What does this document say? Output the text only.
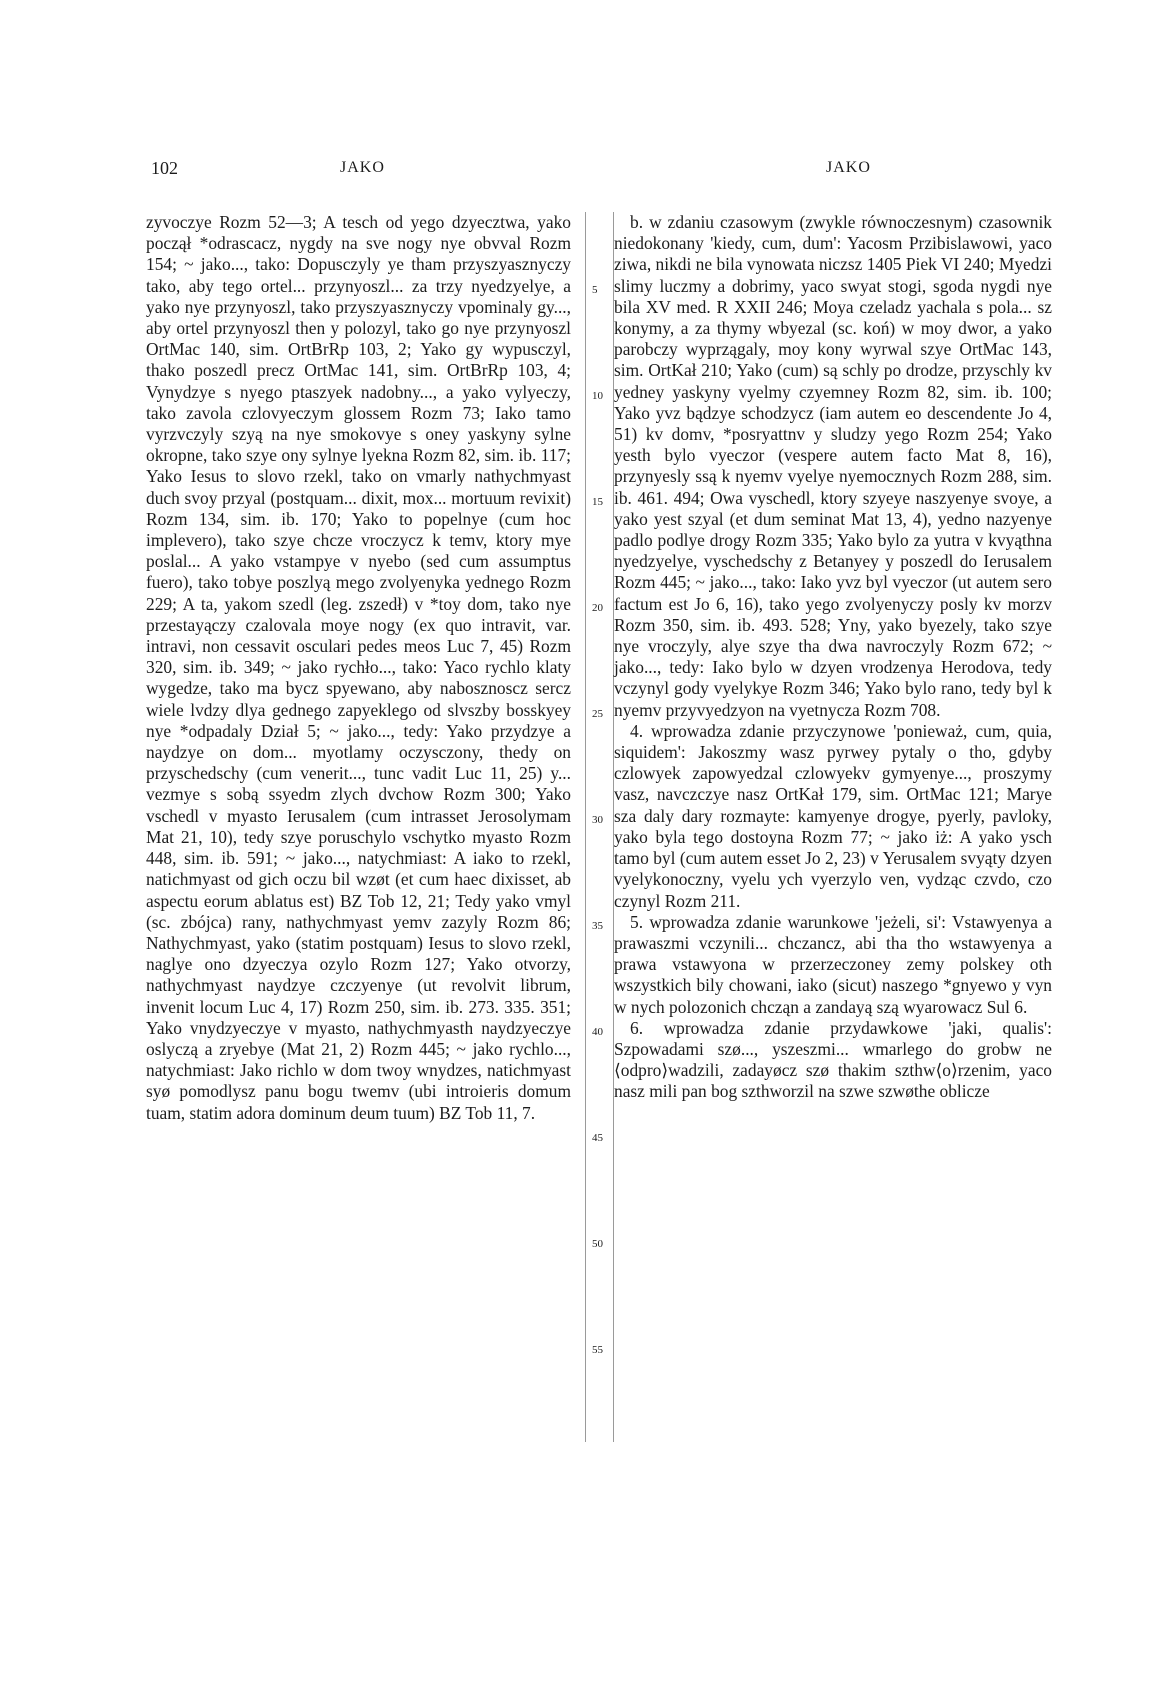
102	JAKO	JAKO
5
10
15
20
25
30
35
40
45
50
55

zyvoczye Rozm 52—3; A tesch od yego dzyecztwa, yako począł *odrascacz, nygdy na sve nogy nye obvval Rozm 154; ~ jako..., tako: Dopusczyly ye tham przyszyasznyczy tako, aby tego ortel... przynyoszl... za trzy nyedzyelye, a yako nye przynyoszl, tako przyszyasznyczy vpominaly gy..., aby ortel przynyoszl then y polozyl, tako go nye przynyoszl OrtMac 140, sim. OrtBrRp 103, 2; Yako gy wypusczyl, thako poszedl precz OrtMac 141, sim. OrtBrRp 103, 4; Vynydzye s nyego ptaszyek nadobny..., a yako vylyeczy, tako zavola czlovyeczym glossem Rozm 73; Iako tamo vyrzvczyly szyą na nye smokovye s oney yaskyny sylne okropne, tako szye ony sylnye lyekna Rozm 82, sim. ib. 117; Yako Iesus to slovo rzekl, tako on vmarly nathychmyast duch svoy przyal (postquam... dixit, mox... mortuum revixit) Rozm 134, sim. ib. 170; Yako to popelnye (cum hoc implevero), tako szye chcze vroczycz k temv, ktory mye poslal... A yako vstampye v nyebo (sed cum assumptus fuero), tako tobye poszlyą mego zvolyenyka yednego Rozm 229; A ta, yakom szedl (leg. zszedł) v *toy dom, tako nye przestayączy czalovala moye nogy (ex quo intravit, var. intravi, non cessavit osculari pedes meos Luc 7, 45) Rozm 320, sim. ib. 349; ~ jako rychło..., tako: Yaco rychlo klaty wygedze, tako ma bycz spyewano, aby nabosznoscz sercz wiele lvdzy dlya gednego zapyeklego od slvszby bosskyey nye *odpadaly Dział 5; ~ jako..., tedy: Yako przydzye a naydzye on dom... myotlamy oczysczony, thedy on przyschedschy (cum venerit..., tunc vadit Luc 11, 25) y... vezmye s sobą ssyedm zlych dvchow Rozm 300; Yako vschedl v myasto Ierusalem (cum intrasset Jerosolymam Mat 21, 10), tedy szye poruschylo vschytko myasto Rozm 448, sim. ib. 591; ~ jako..., natychmiast: A iako to rzekl, natichmyast od gich oczu bil wzøt (et cum haec dixisset, ab aspectu eorum ablatus est) BZ Tob 12, 21; Tedy yako vmyl (sc. zbójca) rany, nathychmyast yemv zazyly Rozm 86; Nathychmyast, yako (statim postquam) Iesus to slovo rzekl, naglye ono dzyeczya ozylo Rozm 127; Yako otvorzy, nathychmyast naydzye czczyenye (ut revolvit librum, invenit locum Luc 4, 17) Rozm 250, sim. ib. 273. 335. 351; Yako vnydzyeczye v myasto, nathychmyasth naydzyeczye oslyczą a zryebye (Mat 21, 2) Rozm 445; ~ jako rychlo..., natychmiast: Jako richlo w dom twoy wnydzes, natichmyast syø pomodlysz panu bogu twemv (ubi introieris domum tuam, statim adora dominum deum tuum) BZ Tob 11, 7.

b. w zdaniu czasowym (zwykle równoczesnym) czasownik niedokonany 'kiedy, cum, dum': Yacosm Przibislawowi, yaco ziwa, nikdi ne bila vynowata niczsz 1405 Piek VI 240; Myedzi slimy luczmy a dobrimy, yaco swyat stogi, sgoda nygdi nye bila XV med. R XXII 246; Moya czeladz yachala s pola... sz konymy, a za thymy wbyezal (sc. koń) w moy dwor, a yako parobczy wyprzągaly, moy kony wyrwal szye OrtMac 143, sim. OrtKał 210; Yako (cum) są schly po drodze, przyschly kv yedney yaskyny vyelmy czyemney Rozm 82, sim. ib. 100; Yako yvz bądzye schodzycz (iam autem eo descendente Jo 4, 51) kv domv, *posryattnv y sludzy yego Rozm 254; Yako yesth bylo vyeczor (vespere autem facto Mat 8, 16), przynyesly ssą k nyemv vyelye nyemocznych Rozm 288, sim. ib. 461. 494; Owa vyschedl, ktory szyeye naszyenye svoye, a yako yest szyal (et dum seminat Mat 13, 4), yedno nazyenye padlo podlye drogy Rozm 335; Yako bylo za yutra v kvyąthna nyedzyelye, vyschedschy z Betanyey y poszedl do Ierusalem Rozm 445; ~ jako..., tako: Iako yvz byl vyeczor (ut autem sero factum est Jo 6, 16), tako yego zvolyenyczy posly kv morzv Rozm 350, sim. ib. 493. 528; Yny, yako byezely, tako szye nye vroczyly, alye szye tha dwa navroczyly Rozm 672; ~ jako..., tedy: Iako bylo w dzyen vrodzenya Herodova, tedy vczynyl gody vyelykye Rozm 346; Yako bylo rano, tedy byl k nyemv przyvyedzyon na vyetnycza Rozm 708.

4. wprowadza zdanie przyczynowe 'ponieważ, cum, quia, siquidem': Jakoszmy wasz pyrwey pytaly o tho, gdyby czlowyek zapowyedzal czlowyekv gymyenye..., proszymy vasz, navczczye nasz OrtKał 179, sim. OrtMac 121; Marye sza daly dary rozmayte: kamyenye drogye, pyerly, pavloky, yako byla tego dostoyna Rozm 77; ~ jako iż: A yako ysch tamo byl (cum autem esset Jo 2, 23) v Yerusalem svyąty dzyen vyelykonoczny, vyelu ych vyerzylo ven, vydząc czvdo, czo czynyl Rozm 211.

5. wprowadza zdanie warunkowe 'jeżeli, si': Vstawyenya a prawaszmi vczynili... chczancz, abi tha tho wstawyenya a prawa vstawyona w przerzeczoney zemy polskey oth wszystkich bily chowani, iako (sicut) naszego *gnyewo y vyn w nych polozonich chcząn a zandayą szą wyarowacz Sul 6.

6. wprowadza zdanie przydawkowe 'jaki, qualis': Szpowadami szø..., yszeszmi... wmarlego do grobw ne ⟨odpro⟩wadzili, zadayøcz szø thakim szthw⟨o⟩rzenim, yaco nasz mili pan bog szthworzil na szwe szwøthe oblicze
